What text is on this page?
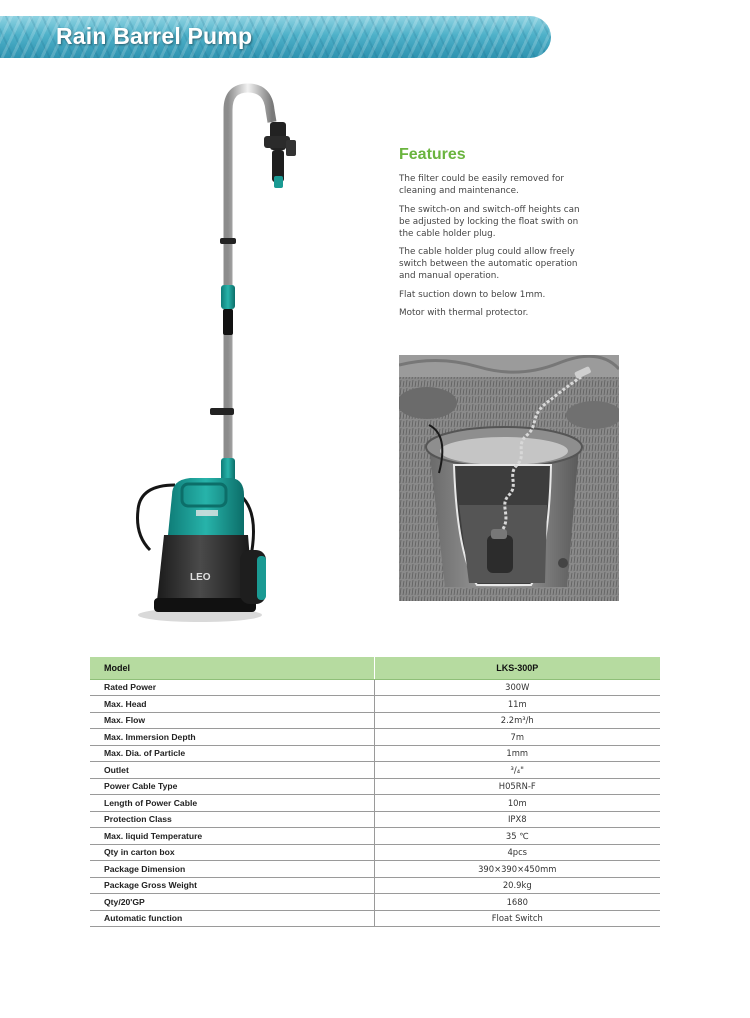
Rain Barrel Pump
LEO
Features

The filter could be easily removed for cleaning and maintenance.

The switch-on and switch-off heights can be adjusted by locking the float swith on the cable holder plug.

The cable holder plug could allow freely switch between the automatic operation and manual operation.

Flat suction down to below 1mm.

Motor with thermal protector.

Model	LKS-300P
Rated Power	300W
Max. Head	11m
Max. Flow	2.2m³/h
Max. Immersion Depth	7m
Max. Dia. of Particle	1mm
Outlet	³/₄"
Power Cable Type	H05RN-F
Length of Power Cable	10m
Protection Class	IPX8
Max. liquid Temperature	35 ℃
Qty in carton box	4pcs
Package Dimension	390×390×450mm
Package Gross Weight	20.9kg
Qty/20'GP	1680
Automatic function	Float Switch
